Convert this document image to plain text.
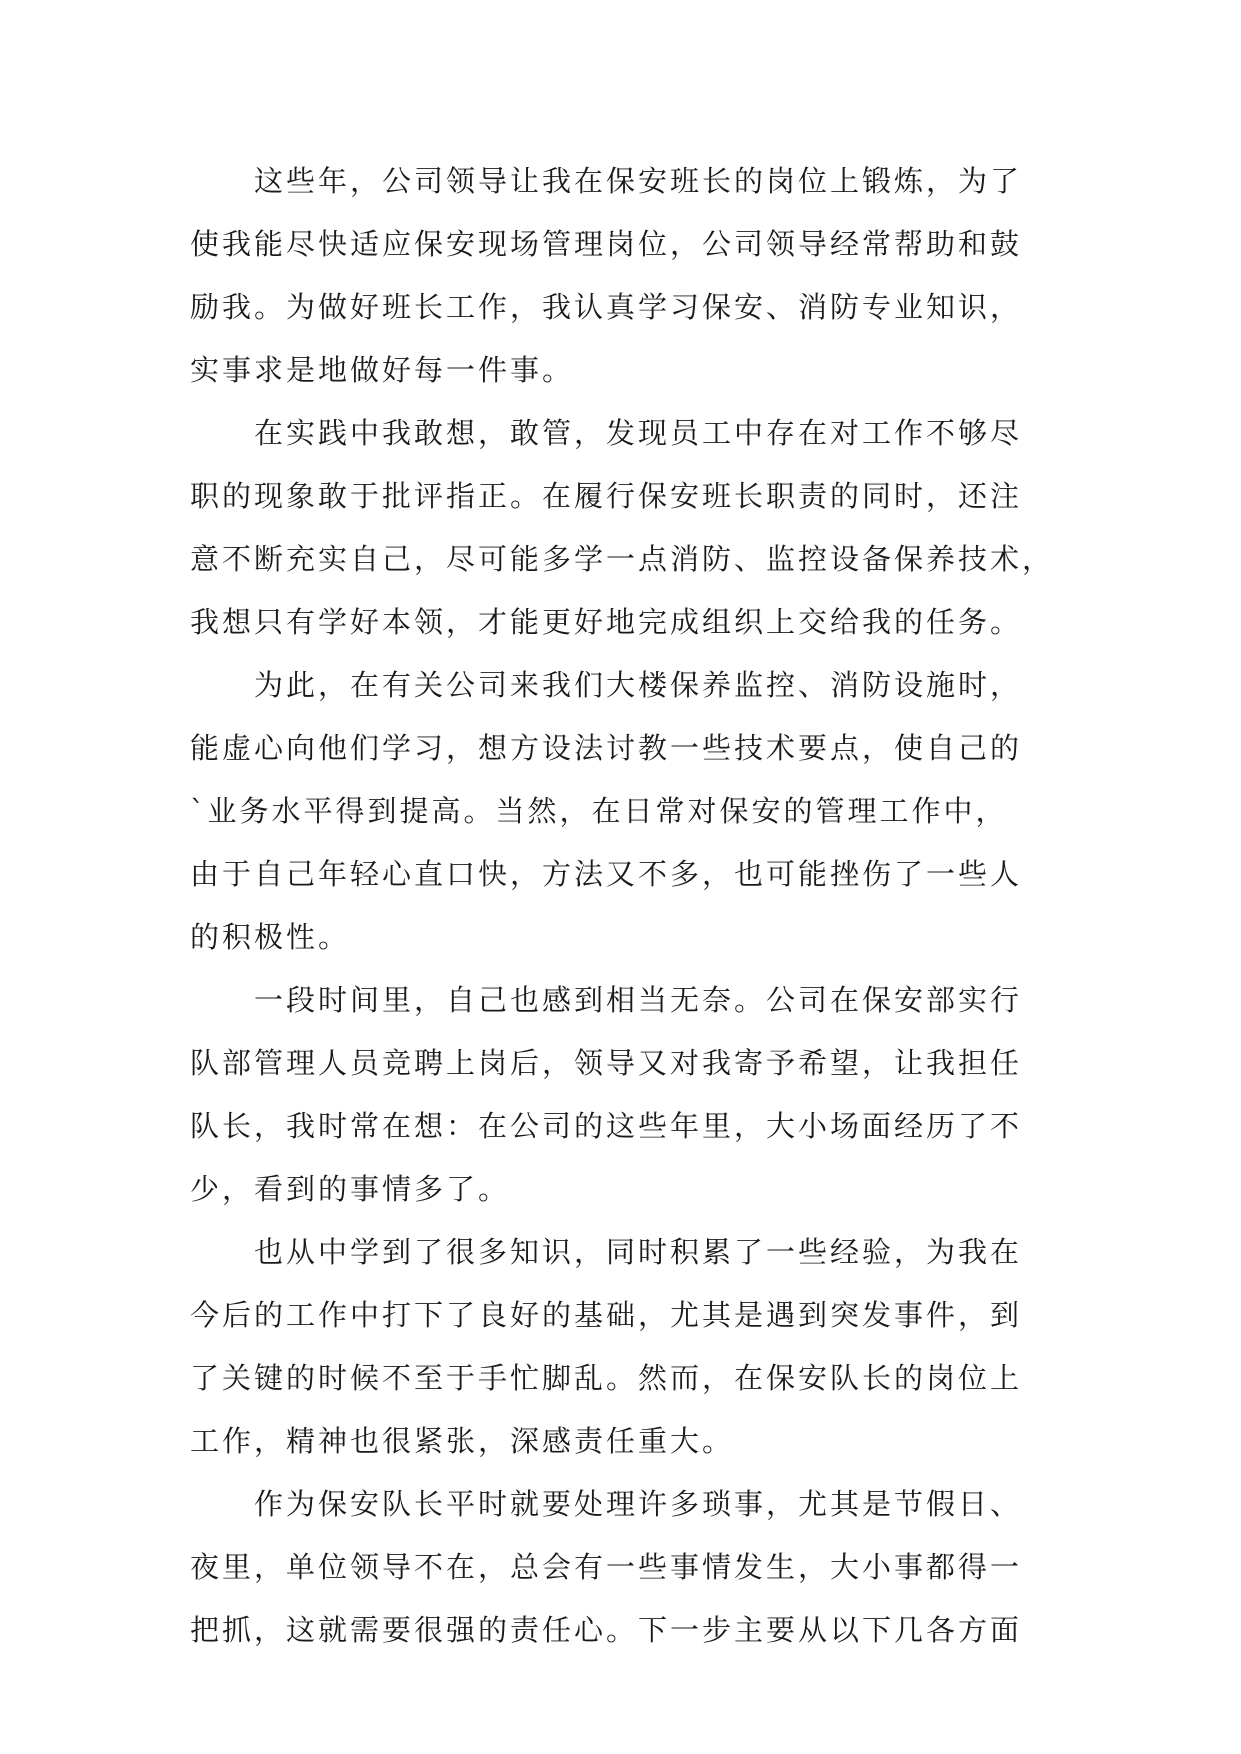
这些年，公司领导让我在保安班长的岗位上锻炼，为了
使我能尽快适应保安现场管理岗位，公司领导经常帮助和鼓
励我。为做好班长工作，我认真学习保安、消防专业知识，
实事求是地做好每一件事。
在实践中我敢想，敢管，发现员工中存在对工作不够尽
职的现象敢于批评指正。在履行保安班长职责的同时，还注
意不断充实自己，尽可能多学一点消防、监控设备保养技术，
我想只有学好本领，才能更好地完成组织上交给我的任务。
为此，在有关公司来我们大楼保养监控、消防设施时，
能虚心向他们学习，想方设法讨教一些技术要点，使自己的
`业务水平得到提高。当然，在日常对保安的管理工作中，
由于自己年轻心直口快，方法又不多，也可能挫伤了一些人
的积极性。
一段时间里，自己也感到相当无奈。公司在保安部实行
队部管理人员竞聘上岗后，领导又对我寄予希望，让我担任
队长，我时常在想：在公司的这些年里，大小场面经历了不
少，看到的事情多了。
也从中学到了很多知识，同时积累了一些经验，为我在
今后的工作中打下了良好的基础，尤其是遇到突发事件，到
了关键的时候不至于手忙脚乱。然而，在保安队长的岗位上
工作，精神也很紧张，深感责任重大。
作为保安队长平时就要处理许多琐事，尤其是节假日、
夜里，单位领导不在，总会有一些事情发生，大小事都得一
把抓，这就需要很强的责任心。下一步主要从以下几各方面
